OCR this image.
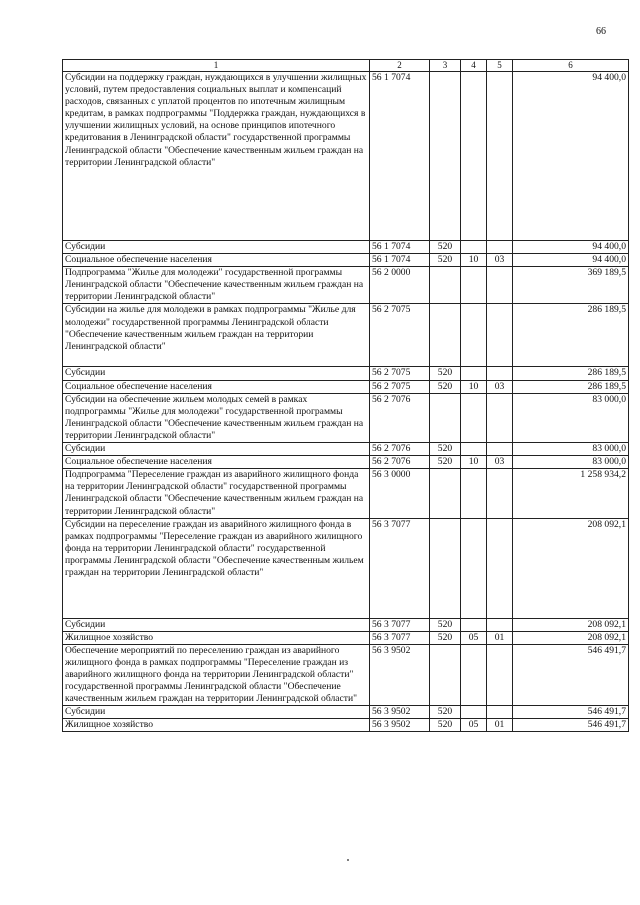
66
1	2	3	4	5	6
Субсидии на поддержку граждан, нуждающихся в улучшении жилищных условий, путем предоставления социальных выплат и компенсаций расходов, связанных с уплатой процентов по ипотечным жилищным кредитам, в рамках подпрограммы "Поддержка граждан, нуждающихся в улучшении жилищных условий, на основе принципов ипотечного кредитования в Ленинградской области" государственной программы Ленинградской области "Обеспечение качественным жильем граждан на территории Ленинградской области"	56 1 7074				94 400,0
Субсидии	56 1 7074	520			94 400,0
Социальное обеспечение населения	56 1 7074	520	10	03	94 400,0
Подпрограмма "Жилье для молодежи" государственной программы Ленинградской области "Обеспечение качественным жильем граждан на территории Ленинградской области"	56 2 0000				369 189,5
Субсидии на жилье для молодежи в рамках подпрограммы "Жилье для молодежи" государственной программы Ленинградской области "Обеспечение качественным жильем граждан на территории Ленинградской области"	56 2 7075				286 189,5
Субсидии	56 2 7075	520			286 189,5
Социальное обеспечение населения	56 2 7075	520	10	03	286 189,5
Субсидии на обеспечение жильем молодых семей в рамках подпрограммы "Жилье для молодежи" государственной программы Ленинградской области "Обеспечение качественным жильем граждан на территории Ленинградской области"	56 2 7076				83 000,0
Субсидии	56 2 7076	520			83 000,0
Социальное обеспечение населения	56 2 7076	520	10	03	83 000,0
Подпрограмма "Переселение граждан из аварийного жилищного фонда на территории Ленинградской области" государственной программы Ленинградской области "Обеспечение качественным жильем граждан на территории Ленинградской области"	56 3 0000				1 258 934,2
Субсидии на переселение граждан из аварийного жилищного фонда в рамках подпрограммы "Переселение граждан из аварийного жилищного фонда на территории Ленинградской области" государственной программы Ленинградской области "Обеспечение качественным жильем граждан на территории Ленинградской области"	56 3 7077				208 092,1
Субсидии	56 3 7077	520			208 092,1
Жилищное хозяйство	56 3 7077	520	05	01	208 092,1
Обеспечение мероприятий по переселению граждан из аварийного жилищного фонда в рамках подпрограммы "Переселение граждан из аварийного жилищного фонда на территории Ленинградской области" государственной программы Ленинградской области "Обеспечение качественным жильем граждан на территории Ленинградской области"	56 3 9502				546 491,7
Субсидии	56 3 9502	520			546 491,7
Жилищное хозяйство	56 3 9502	520	05	01	546 491,7
